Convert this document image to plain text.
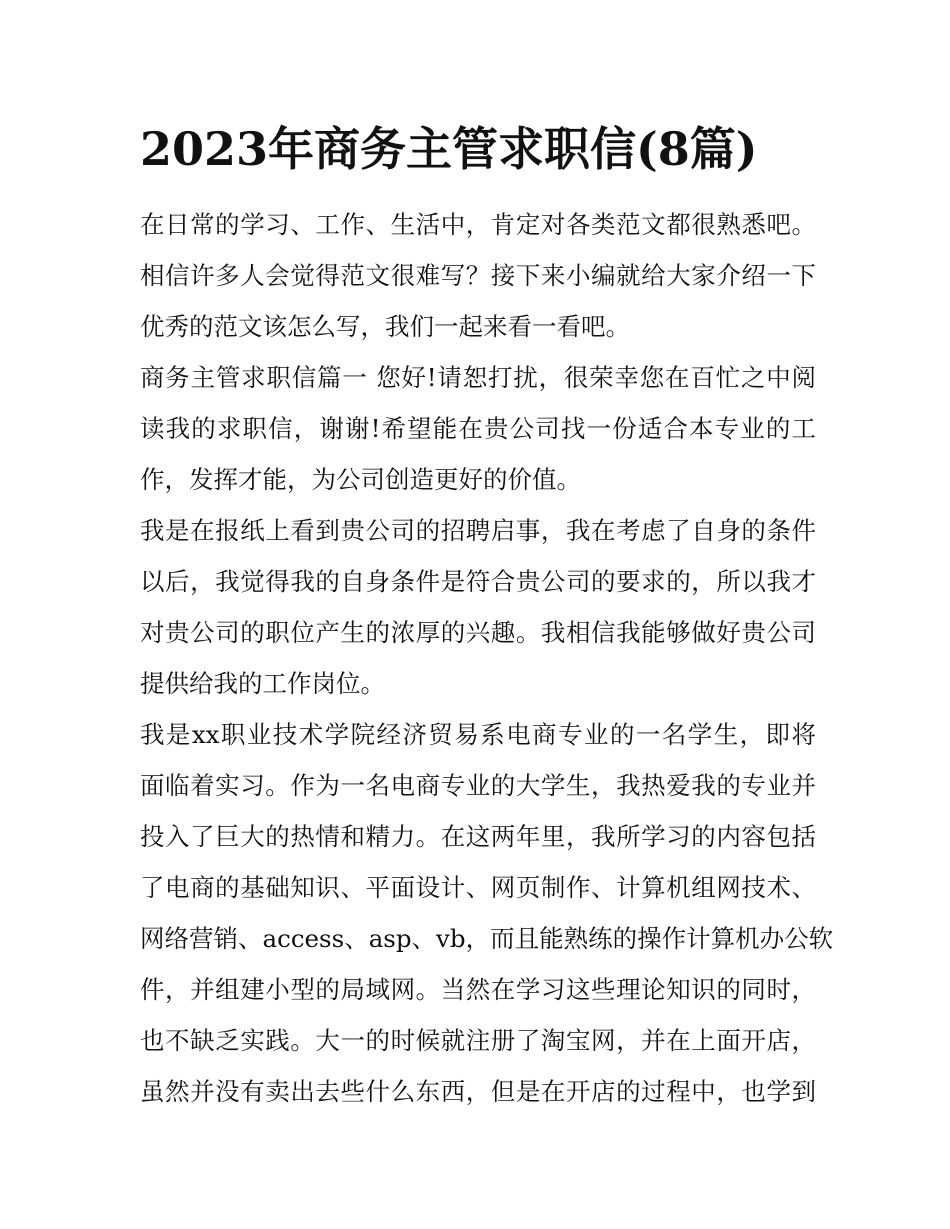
2023年商务主管求职信(8篇)
在日常的学习、工作、生活中，肯定对各类范文都很熟悉吧。
相信许多人会觉得范文很难写？接下来小编就给大家介绍一下
优秀的范文该怎么写，我们一起来看一看吧。
商务主管求职信篇一 您好!请恕打扰，很荣幸您在百忙之中阅
读我的求职信，谢谢!希望能在贵公司找一份适合本专业的工
作，发挥才能，为公司创造更好的价值。
我是在报纸上看到贵公司的招聘启事，我在考虑了自身的条件
以后，我觉得我的自身条件是符合贵公司的要求的，所以我才
对贵公司的职位产生的浓厚的兴趣。我相信我能够做好贵公司
提供给我的工作岗位。
我是xx职业技术学院经济贸易系电商专业的一名学生，即将
面临着实习。作为一名电商专业的大学生，我热爱我的专业并
投入了巨大的热情和精力。在这两年里，我所学习的内容包括
了电商的基础知识、平面设计、网页制作、计算机组网技术、
网络营销、access、asp、vb，而且能熟练的操作计算机办公软
件，并组建小型的局域网。当然在学习这些理论知识的同时，
也不缺乏实践。大一的时候就注册了淘宝网，并在上面开店，
虽然并没有卖出去些什么东西，但是在开店的过程中，也学到
